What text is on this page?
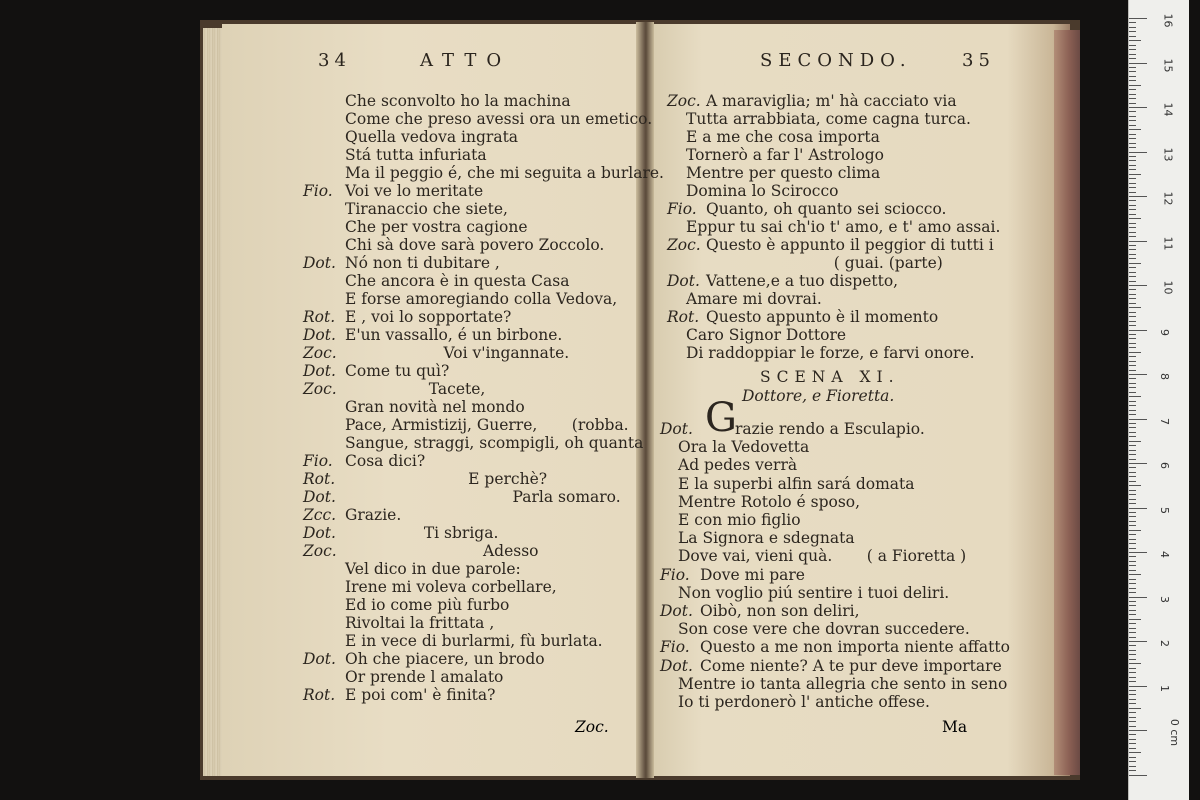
34	ATTO	SECONDO.	35
Che sconvolto ho la machina
Come che preso avessi ora un emetico.
Quella vedova ingrata
Stá tutta infuriata
Ma il peggio é, che mi seguita a burlare.
Fio. Voi ve lo meritate
Tiranaccio che siete,
Che per vostra cagione
Chi sà dove sarà povero Zoccolo.
Dot. Nó non ti dubitare ,
Che ancora è in questa Casa
E forse amoregiando colla Vedova,
Rot. E , voi lo sopportate?
Dot. E'un vassallo, é un birbone.
Zoc. Voi v'ingannate.
Dot. Come tu quì?
Zoc. Tacete,
Gran novità nel mondo
Pace, Armistizij, Guerre,       (robba.
Sangue, straggi, scompigli, oh quanta
Fio. Cosa dici?
Rot. E perchè?
Dot. Parla somaro.
Zcc. Grazie.
Dot. Ti sbriga.
Zoc. Adesso
Vel dico in due parole:
Irene mi voleva corbellare,
Ed io come più furbo
Rivoltai la frittata ,
E in vece di burlarmi, fù burlata.
Dot. Oh che piacere, un brodo
Or prende l amalato
Rot. E poi com' è finita?
Zoc. A maraviglia; m' hà cacciato via
Tutta arrabbiata, come cagna turca.
E a me che cosa importa
Tornerò a far l' Astrologo
Mentre per questo clima
Domina lo Scirocco
Fio. Quanto, oh quanto sei sciocco.
Eppur tu sai ch'io t' amo, e t' amo assai.
Zoc. Questo è appunto il peggior di tutti i
( guai. (parte)
Dot. Vattene,e a tuo dispetto,
Amare mi dovrai.
Rot. Questo appunto è il momento
Caro Signor Dottore
Di raddoppiar le forze, e farvi onore.
Dot.	razie rendo a Esculapio.
Ora la Vedovetta
Ad pedes verrà
E la superbi alfin sará domata
Mentre Rotolo é sposo,
E con mio figlio
La Signora e sdegnata
Dove vai, vieni quà.       ( a Fioretta )
Fio. Dove mi pare
Non voglio piú sentire i tuoi deliri.
Dot. Oibò, non son deliri,
Son cose vere che dovran succedere.
Fio. Questo a me non importa niente affatto
Dot. Come niente? A te pur deve importare
Mentre io tanta allegria che sento in seno
Io ti perdonerò l' antiche offese.
SCENA XI.
Dottore, e Fioretta.
G
Zoc.	Ma
16
15
14
13
12
11
10
9
8
7
6
5
4
3
2
1
0 cm
